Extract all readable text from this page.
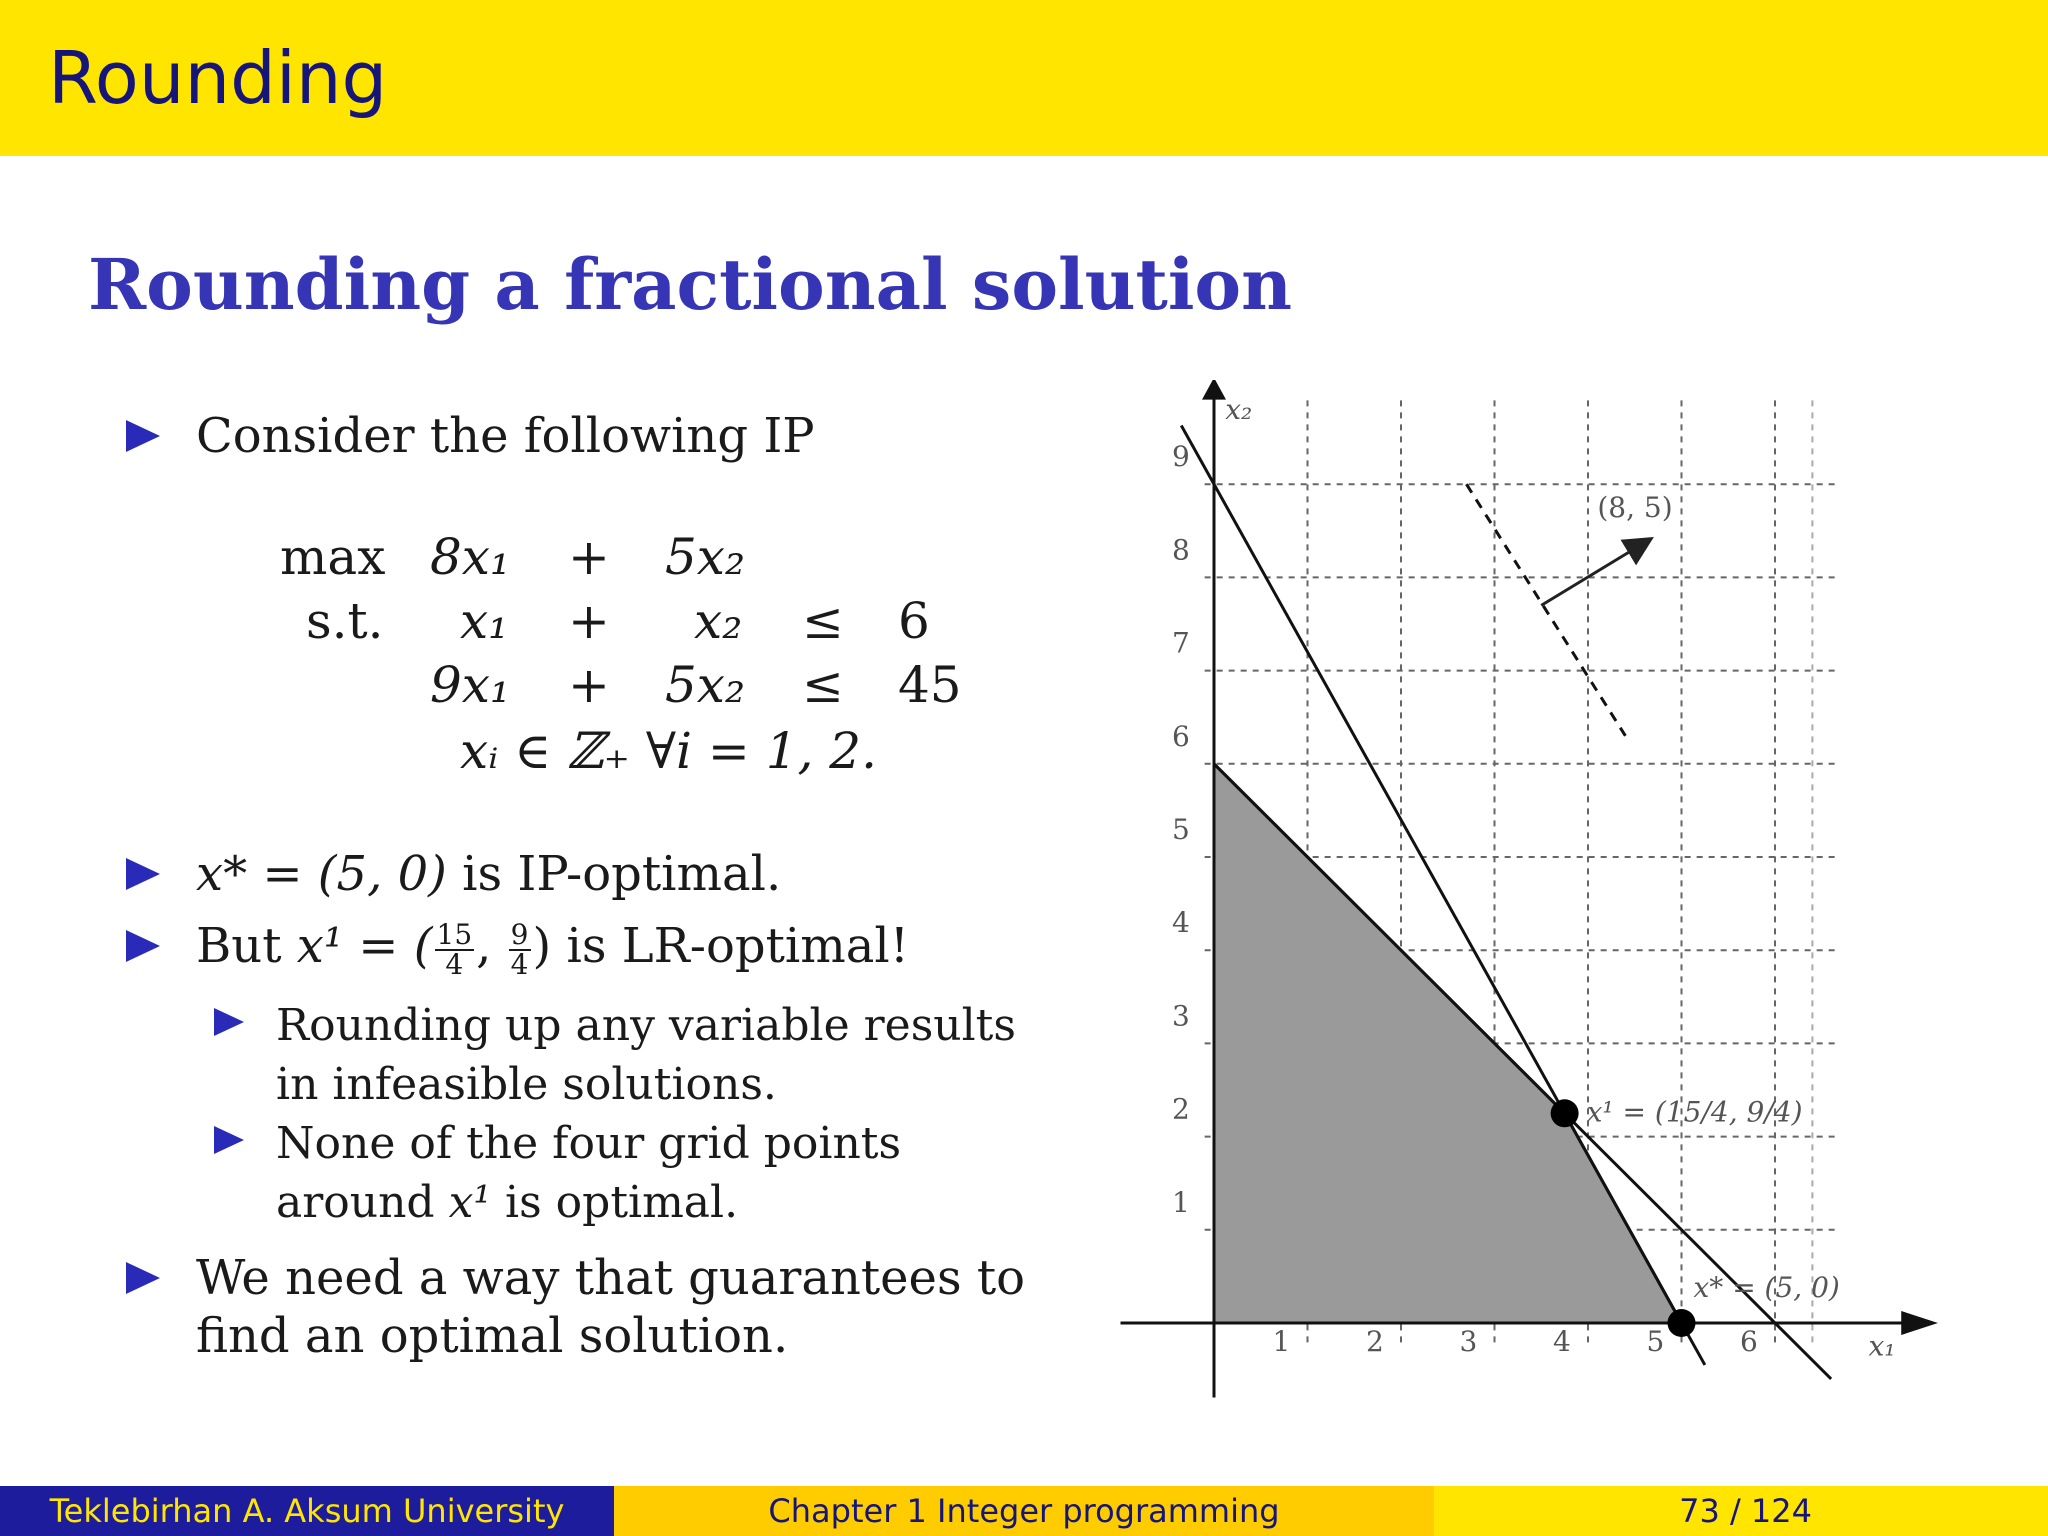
Rounding
Rounding a fractional solution
Consider the following IP
max 8x₁ + 5x₂
s.t. x₁ + x₂ ≤ 6
9x₁ + 5x₂ ≤ 45
xᵢ ∈ ℤ₊ ∀i = 1, 2.
x* = (5, 0) is IP-optimal.
But x¹ = ( $\frac{15}{4}$ , $\frac{9}{4}$ ) is LR-optimal!
Rounding up any variable results
in infeasible solutions.
None of the four grid points
around x¹ is optimal.
We need a way that guarantees to
find an optimal solution.	x₁
x₂
1	2	3	4	5	6
1
2
3
4
5
6
7
8
9
x¹ = (15/4, 9/4)
x* = (5, 0)
(8, 5)
Teklebirhan A. Aksum University	Chapter 1 Integer programming	73 / 124
